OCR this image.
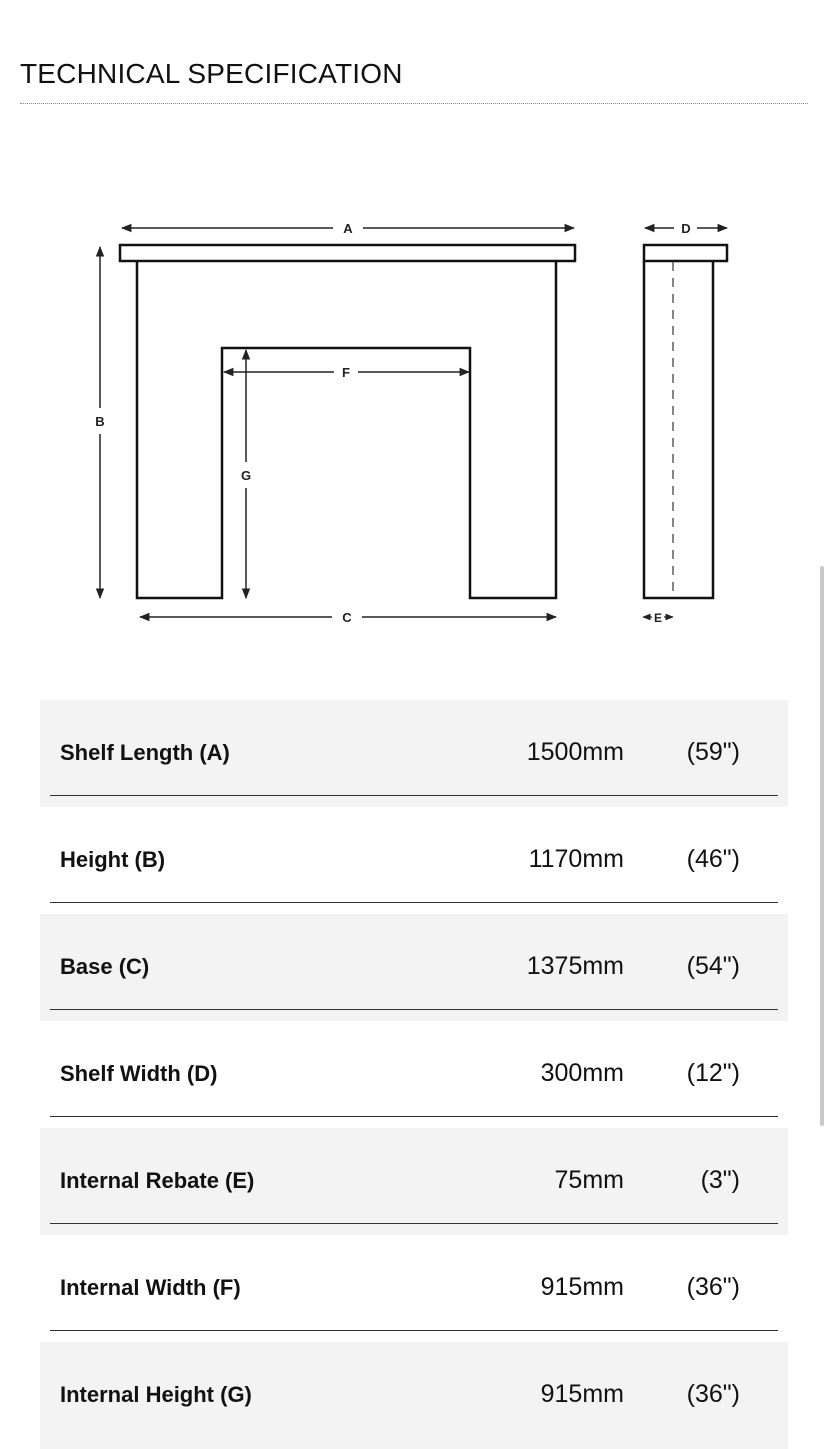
TECHNICAL SPECIFICATION
A
B
C
F
G
D
E
Shelf Length (A)	1500mm	(59")
Height (B)	1170mm	(46")
Base (C)	1375mm	(54")
Shelf Width (D)	300mm	(12")
Internal Rebate (E)	75mm	(3")
Internal Width (F)	915mm	(36")
Internal Height (G)	915mm	(36")
